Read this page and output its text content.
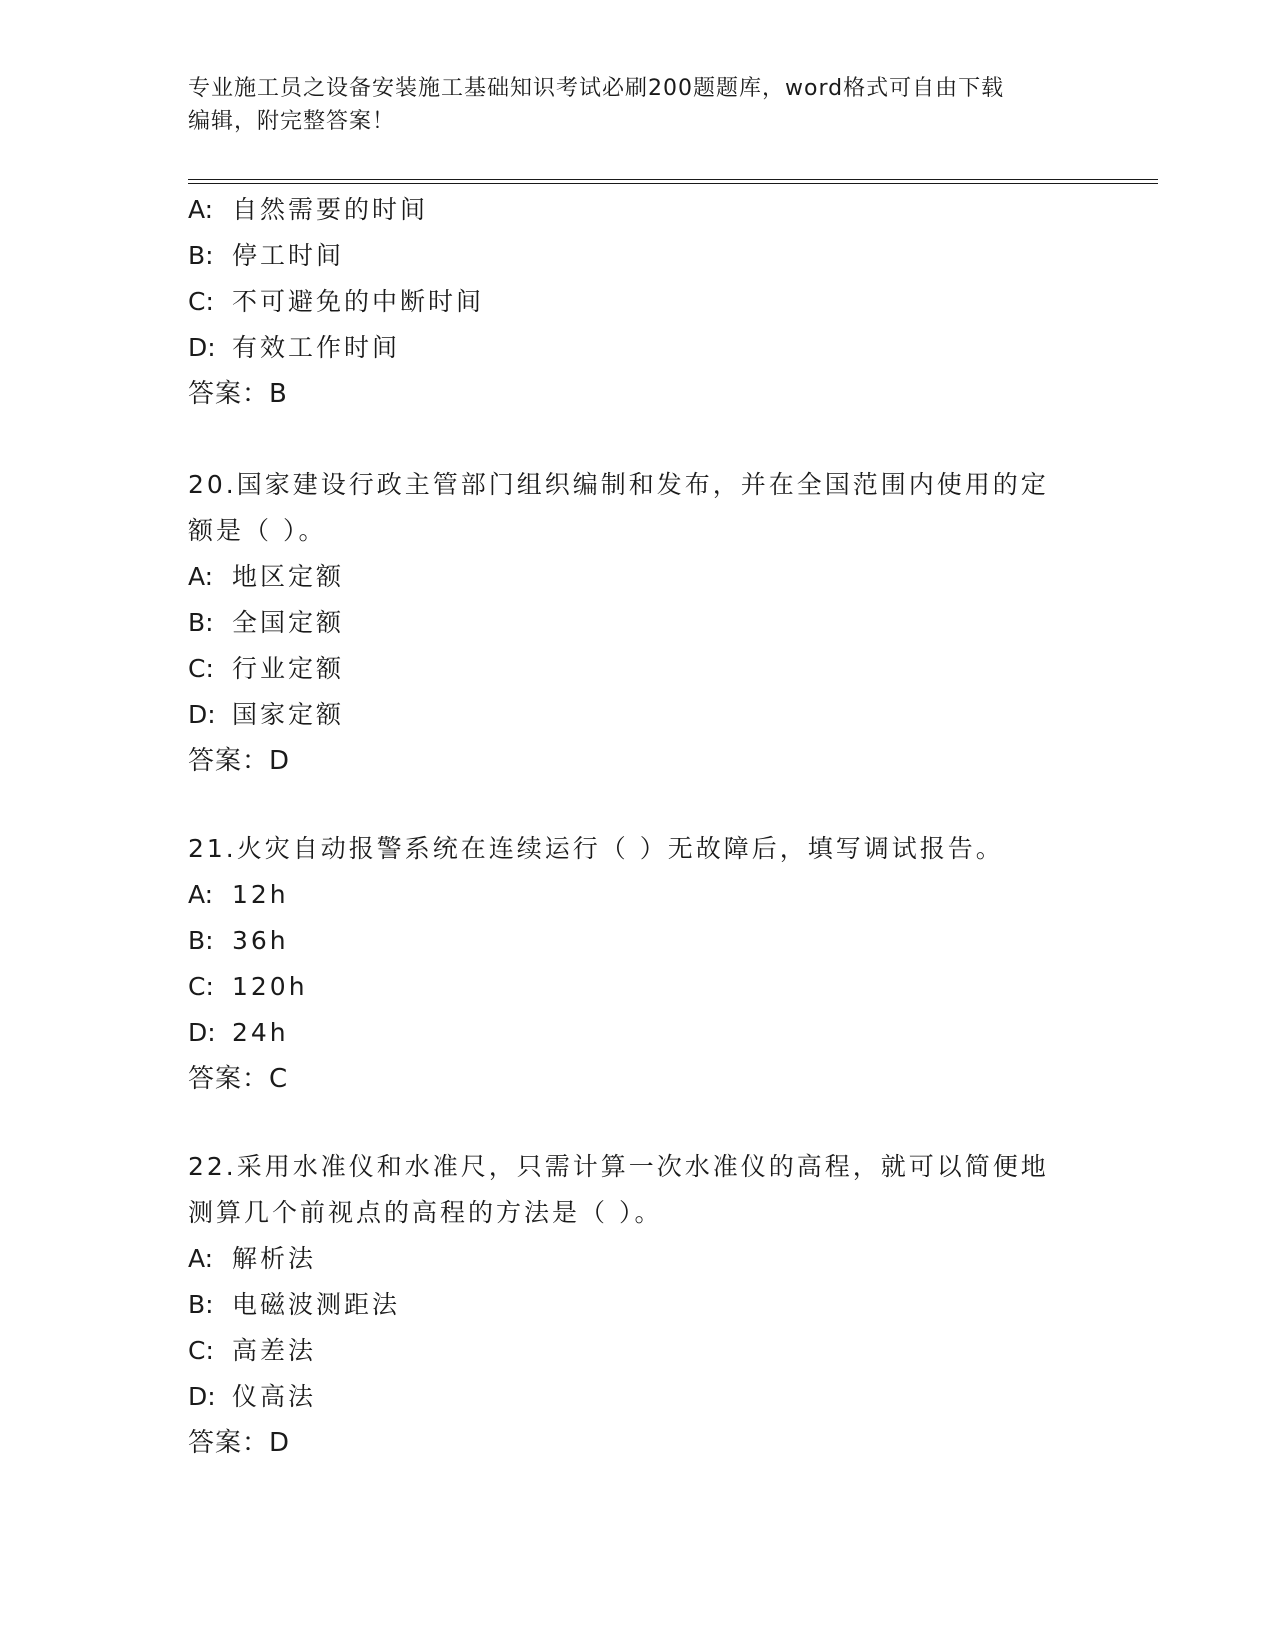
专业施工员之设备安装施工基础知识考试必刷200题题库，word格式可自由下载
编辑，附完整答案！
A: 自然需要的时间
B: 停工时间
C: 不可避免的中断时间
D: 有效工作时间
答案：B
20.国家建设行政主管部门组织编制和发布，并在全国范围内使用的定
额是（ ）。
A: 地区定额
B: 全国定额
C: 行业定额
D: 国家定额
答案：D
21.火灾自动报警系统在连续运行（ ）无故障后，填写调试报告。
A: 12h
B: 36h
C: 120h
D: 24h
答案：C
22.采用水准仪和水准尺，只需计算一次水准仪的高程，就可以简便地
测算几个前视点的高程的方法是（ ）。
A: 解析法
B: 电磁波测距法
C: 高差法
D: 仪高法
答案：D
